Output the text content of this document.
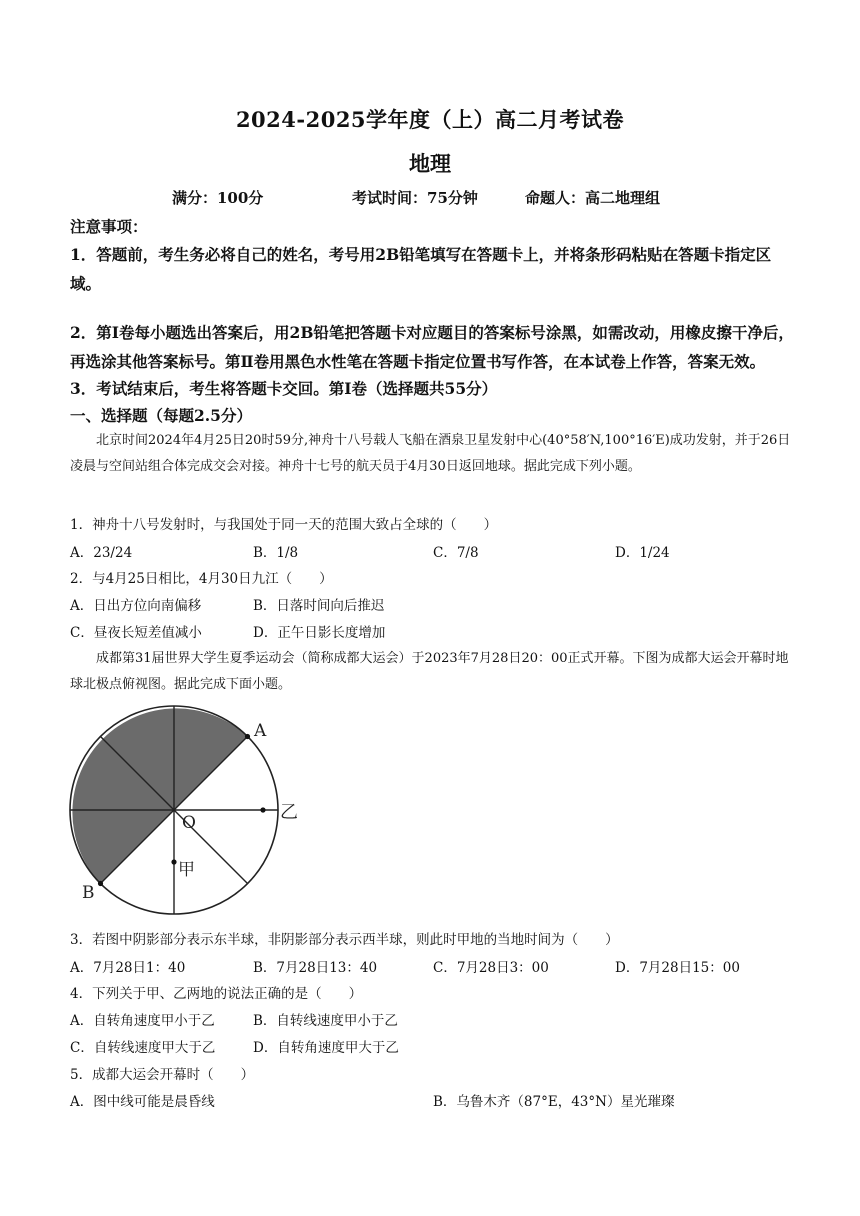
2024-2025学年度（上）高二月考试卷
地理
满分：100分	考试时间：75分钟	命题人：高二地理组
注意事项：
1．答题前，考生务必将自己的姓名，考号用2B铅笔填写在答题卡上，并将条形码粘贴在答题卡指定区域。
2．第Ⅰ卷每小题选出答案后，用2B铅笔把答题卡对应题目的答案标号涂黑，如需改动，用橡皮擦干净后，再选涂其他答案标号。第Ⅱ卷用黑色水性笔在答题卡指定位置书写作答，在本试卷上作答，答案无效。
3．考试结束后，考生将答题卡交回。第Ⅰ卷（选择题共55分）
一、选择题（每题2.5分）
北京时间2024年4月25日20时59分,神舟十八号载人飞船在酒泉卫星发射中心(40°58′N,100°16′E)成功发射，并于26日凌晨与空间站组合体完成交会对接。神舟十七号的航天员于4月30日返回地球。据此完成下列小题。
1．神舟十八号发射时，与我国处于同一天的范围大致占全球的（　　）
A．23/24	B．1/8	C．7/8	D．1/24
2．与4月25日相比，4月30日九江（　　）
A．日出方位向南偏移	B．日落时间向后推迟
C．昼夜长短差值减小	D．正午日影长度增加
成都第31届世界大学生夏季运动会（简称成都大运会）于2023年7月28日20：00正式开幕。下图为成都大运会开幕时地球北极点俯视图。据此完成下面小题。
A
B
O
甲
乙
3．若图中阴影部分表示东半球，非阴影部分表示西半球，则此时甲地的当地时间为（　　）
A．7月28日1：40	B．7月28日13：40	C．7月28日3：00	D．7月28日15：00
4．下列关于甲、乙两地的说法正确的是（　　）
A．自转角速度甲小于乙	B．自转线速度甲小于乙
C．自转线速度甲大于乙	D．自转角速度甲大于乙
5．成都大运会开幕时（　　）
A．图中线可能是晨昏线	B．乌鲁木齐（87°E，43°N）星光璀璨
